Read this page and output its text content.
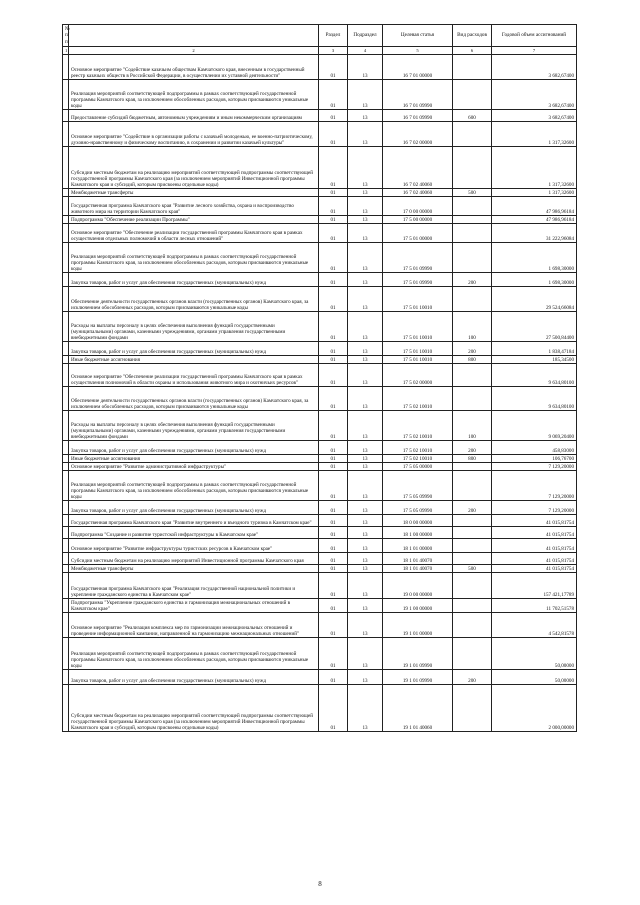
№ п/п		Раздел	Подраздел	Целевая статья	Вид расходов	Годовой объем ассигнований
1	2	3	4	5	6	7
	Основное мероприятие "Содействие казачьим обществам Камчатского края, внесенным в государственный реестр казачьих обществ в Российской Федерации, в осуществлении их уставной деятельности"	01	13	16 7 01 00000		3 682,67400
	Реализация мероприятий соответствующей подпрограммы в рамках соответствующей государственной программы Камчатского края, за исключением обособленных расходов, которым присваиваются уникальные коды	01	13	16 7 01 09990		3 682,67400
	Предоставление субсидий бюджетным, автономным учреждениям и иным некоммерческим организациям	01	13	16 7 01 09990	600	3 682,67400
	Основное мероприятие "Содействие в организации работы с казачьей молодежью, ее военно-патриотическому, духовно-нравственному и физическому воспитанию, в сохранении и развитии казачьей культуры"	01	13	16 7 02 00000		1 317,32600
	Субсидии местным бюджетам на реализацию мероприятий соответствующей подпрограммы соответствующей государственной программы Камчатского края (за исключением мероприятий Инвестиционной программы Камчатского края и субсидий, которым присвоены отдельные коды)	01	13	16 7 02 40060		1 317,32600
	Межбюджетные трансферты	01	13	16 7 02 40060	500	1 317,32600
	Государственная программа Камчатского края "Развитие лесного хозяйства, охрана и воспроизводство животного мира на территории Камчатского края"	01	13	17 0 00 00000		47 986,96184
	Подпрограмма "Обеспечение реализации Программы"	01	13	17 5 00 00000		47 986,96184
	Основное мероприятие "Обеспечение реализации государственной программы Камчатского края в рамках осуществления отдельных полномочий в области лесных отношений"	01	13	17 5 01 00000		31 222,96084
	Реализация мероприятий соответствующей подпрограммы в рамках соответствующей государственной программы Камчатского края, за исключением обособленных расходов, которым присваиваются уникальные коды	01	13	17 5 01 09990		1 698,30000
	Закупка товаров, работ и услуг для обеспечения государственных (муниципальных) нужд	01	13	17 5 01 09990	200	1 698,30000
	Обеспечение деятельности государственных органов власти (государственных органов) Камчатского края, за исключением обособленных расходов, которым присваиваются уникальные коды	01	13	17 5 01 10010		29 524,66084
	Расходы на выплаты персоналу в целях обеспечения выполнения функций государственными (муниципальными) органами, казенными учреждениями, органами управления государственными внебюджетными фондами	01	13	17 5 01 10010	100	27 500,84400
	Закупка товаров, работ и услуг для обеспечения государственных (муниципальных) нужд	01	13	17 5 01 10010	200	1 838,47184
	Иные бюджетные ассигнования	01	13	17 5 01 10010	800	185,34500
	Основное мероприятие "Обеспечение реализации государственной программы Камчатского края в рамках осуществления полномочий в области охраны и использования животного мира и охотничьих ресурсов"	01	13	17 5 02 00000		9 634,80100
	Обеспечение деятельности государственных органов власти (государственных органов) Камчатского края, за исключением обособленных расходов, которым присваиваются уникальные коды	01	13	17 5 02 10010		9 634,80100
	Расходы на выплаты персоналу в целях обеспечения выполнения функций государственными (муниципальными) органами, казенными учреждениями, органами управления государственными внебюджетными фондами	01	13	17 5 02 10010	100	9 069,20400
	Закупка товаров, работ и услуг для обеспечения государственных (муниципальных) нужд	01	13	17 5 02 10010	200	458,83000
	Иные бюджетные ассигнования	01	13	17 5 02 10010	800	106,76700
	Основное мероприятие "Развитие административной инфраструктуры"	01	13	17 5 05 00000		7 129,20000
	Реализация мероприятий соответствующей подпрограммы в рамках соответствующей государственной программы Камчатского края, за исключением обособленных расходов, которым присваиваются уникальные коды	01	13	17 5 05 09990		7 129,20000
	Закупка товаров, работ и услуг для обеспечения государственных (муниципальных) нужд	01	13	17 5 05 09990	200	7 129,20000
	Государственная программа Камчатского края "Развитие внутреннего и въездного туризма в Камчатском крае"	01	13	18 0 00 00000		41 015,81754
	Подпрограмма "Создание и развитие туристской инфраструктуры в Камчатском крае"	01	13	18 1 00 00000		41 015,81754
	Основное мероприятие "Развитие инфраструктуры туристских ресурсов в Камчатском крае"	01	13	18 1 01 00000		41 015,81754
	Субсидии местным бюджетам на реализацию мероприятий Инвестиционной программы Камчатского края	01	13	18 1 01 40070		41 015,81754
	Межбюджетные трансферты	01	13	18 1 01 40070	500	41 015,81754
	Государственная программа Камчатского края "Реализация государственной национальной политики и укрепление гражданского единства в Камчатском крае"	01	13	19 0 00 00000		157 421,17789
	Подпрограмма "Укрепление гражданского единства и гармонизация межнациональных отношений в Камчатском крае"	01	13	19 1 00 00000		11 702,51578
	Основное мероприятие "Реализация комплекса мер по гармонизации межнациональных отношений и проведение информационной кампании, направленной на гармонизацию межнациональных отношений"	01	13	19 1 01 00000		4 542,81578
	Реализация мероприятий соответствующей подпрограммы в рамках соответствующей государственной программы Камчатского края, за исключением обособленных расходов, которым присваиваются уникальные коды	01	13	19 1 01 09990		50,00000
	Закупка товаров, работ и услуг для обеспечения государственных (муниципальных) нужд	01	13	19 1 01 09990	200	50,00000
	Субсидии местным бюджетам на реализацию мероприятий соответствующей подпрограммы соответствующей государственной программы Камчатского края (за исключением мероприятий Инвестиционной программы Камчатского края и субсидий, которым присвоены отдельные коды)	01	13	19 1 01 40060		2 000,00000
8
